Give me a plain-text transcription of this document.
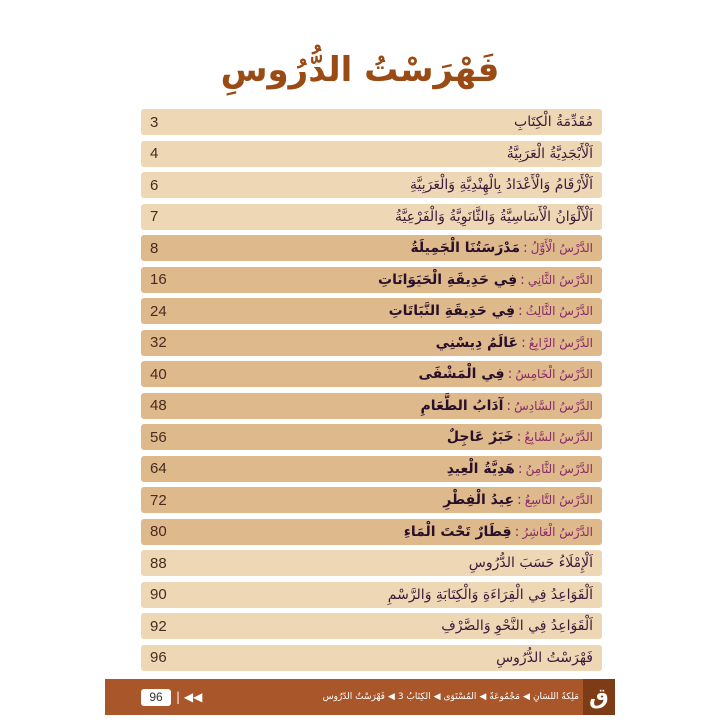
فَهْرَسْتُ الدُّرُوسِ
3	مُقَدِّمَةُ الْكِتَابِ
4	اَلْأَبْجَدِيَّةُ الْعَرَبِيَّةُ
6	اَلْأَرْقَامُ وَالْأَعْدَادُ بِالْهِنْدِيَّةِ وَالْعَرَبِيَّةِ
7	اَلْأَلْوَانُ الْأَسَاسِيَّةُ وَالثَّانَوِيَّةُ وَالْفَرْعِيَّةُ
8	الدَّرْسُ الْأَوَّلُ:مَدْرَسَتُنَا الْجَمِيلَةُ
16	الدَّرْسُ الثَّانِي:فِي حَدِيقَةِ الْحَيَوَانَاتِ
24	الدَّرْسُ الثَّالِثُ:فِي حَدِيقَةِ النَّبَاتَاتِ
32	الدَّرْسُ الرَّابِعُ:عَالَمُ دِيسْنِي
40	الدَّرْسُ الْخَامِسُ:فِي الْمَشْفَى
48	الدَّرْسُ السَّادِسُ:آدَابُ الطَّعَامِ
56	الدَّرْسُ السَّابِعُ:خَبَرٌ عَاجِلٌ
64	الدَّرْسُ الثَّامِنُ:هَدِيَّةُ الْعِيدِ
72	الدَّرْسُ التَّاسِعُ:عِيدُ الْفِطْرِ
80	الدَّرْسُ الْعَاشِرُ:قِطَارٌ تَحْتَ الْمَاءِ
88	اَلْإِمْلَاءُ حَسَبَ الدُّرُوسِ
90	اَلْقَوَاعِدُ فِي الْقِرَاءَةِ وَالْكِتَابَةِ وَالرَّسْمِ
92	اَلْقَوَاعِدُ فِي النَّحْوِ وَالصَّرْفِ
96	فَهْرَسْتُ الدُّرُوسِ
96	| ◀◀	مَلِكَةُ اللِّسَانِ◀مَجْمُوعَةٌ◀الْمُسْتَوَى◀الْكِتَابُ 3◀فَهْرَسْتُ الدُّرُوسِ	ق
